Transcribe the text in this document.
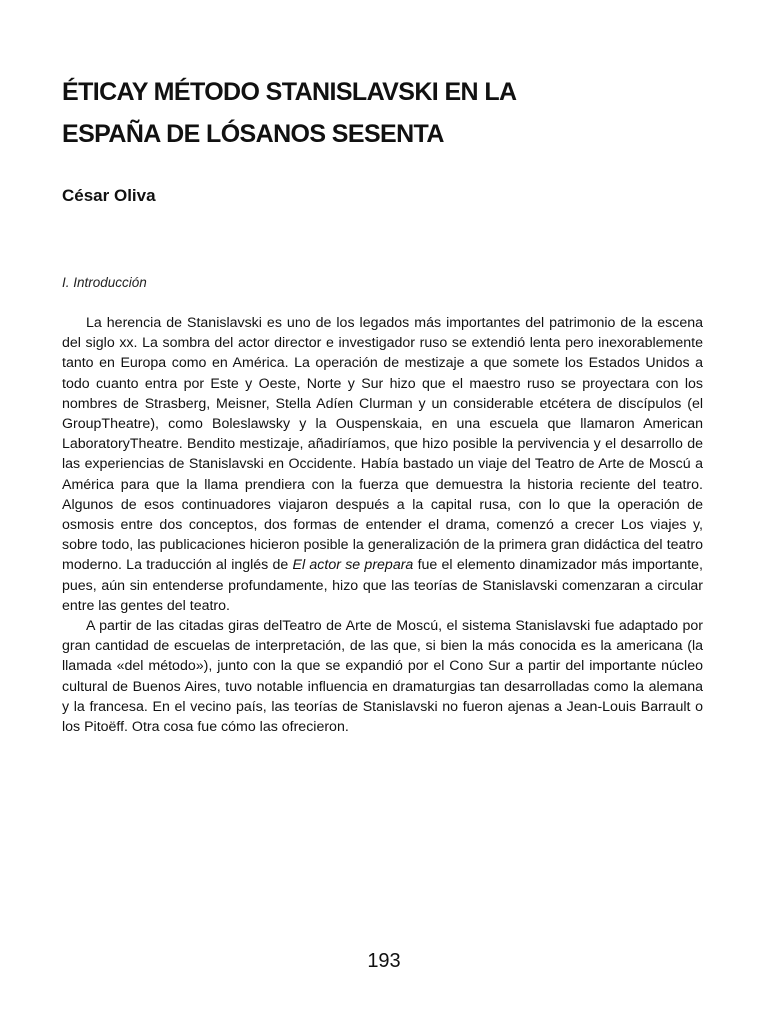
ÉTICAY MÉTODO STANISLAVSKI EN LA
ESPAÑA DE LÓSANOS SESENTA
César Oliva
I. Introducción

La herencia de Stanislavski es uno de los legados más importantes del patrimonio de la escena del siglo xx. La sombra del actor director e investigador ruso se extendió lenta pero inexorablemente tanto en Europa como en América. La operación de mestizaje a que somete los Estados Unidos a todo cuanto entra por Este y Oeste, Norte y Sur hizo que el maestro ruso se proyectara con los nombres de Strasberg, Meisner, Stella Adíen Clurman y un considerable etcétera de discípulos (el GroupTheatre), como Boleslawsky y la Ouspenskaia, en una escuela que llamaron American LaboratoryTheatre. Bendito mestizaje, añadiríamos, que hizo posible la pervivencia y el desarrollo de las experiencias de Stanislavski en Occidente. Había bastado un viaje del Teatro de Arte de Moscú a América para que la llama prendiera con la fuerza que demuestra la historia reciente del teatro. Algunos de esos continuadores viajaron después a la capital rusa, con lo que la operación de osmosis entre dos conceptos, dos formas de entender el drama, comenzó a crecer Los viajes y, sobre todo, las publicaciones hicieron posible la generalización de la primera gran didáctica del teatro moderno. La traducción al inglés de El actor se prepara fue el elemento dinamizador más importante, pues, aún sin entenderse profundamente, hizo que las teorías de Stanislavski comenzaran a circular entre las gentes del teatro.

A partir de las citadas giras delTeatro de Arte de Moscú, el sistema Stanislavski fue adaptado por gran cantidad de escuelas de interpretación, de las que, si bien la más conocida es la americana (la llamada «del método»), junto con la que se expandió por el Cono Sur a partir del importante núcleo cultural de Buenos Aires, tuvo notable influencia en dramaturgias tan desarrolladas como la alemana y la francesa. En el vecino país, las teorías de Stanislavski no fueron ajenas a Jean-Louis Barrault o los Pitoëff. Otra cosa fue cómo las ofrecieron.

193
